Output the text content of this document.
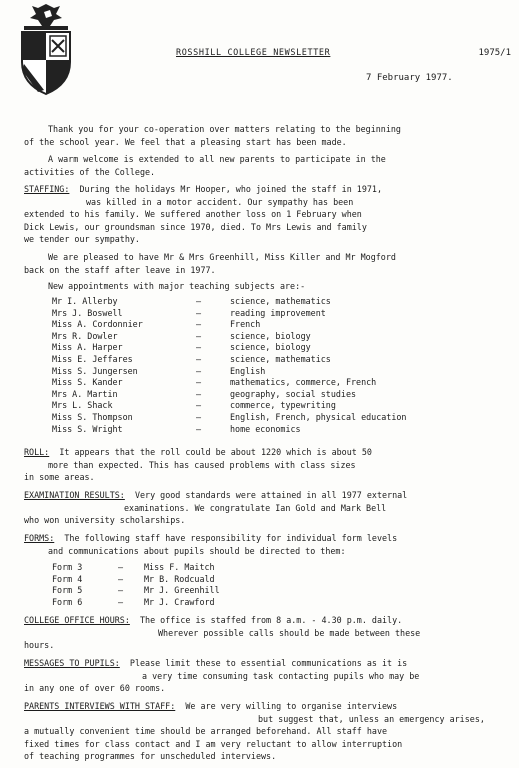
ROSSHILL COLLEGE NEWSLETTER	1975/1
7 February 1977.
Thank you for your co-operation over matters relating to the beginning
of the school year. We feel that a pleasing start has been made.
A warm welcome is extended to all new parents to participate in the
activities of the College.
STAFFING: During the holidays Mr Hooper, who joined the staff in 1971,
was killed in a motor accident. Our sympathy has been
extended to his family. We suffered another loss on 1 February when
Dick Lewis, our groundsman since 1970, died. To Mrs Lewis and family
we tender our sympathy.
We are pleased to have Mr & Mrs Greenhill, Miss Killer and Mr Mogford
back on the staff after leave in 1977.
New appointments with major teaching subjects are:-
Mr I. Allerby	–	science, mathematics
Mrs J. Boswell	–	reading improvement
Miss A. Cordonnier	–	French
Mrs R. Dowler	–	science, biology
Miss A. Harper	–	science, biology
Miss E. Jeffares	–	science, mathematics
Miss S. Jungersen	–	English
Miss S. Kander	–	mathematics, commerce, French
Mrs A. Martin	–	geography, social studies
Mrs L. Shack	–	commerce, typewriting
Miss S. Thompson	–	English, French, physical education
Miss S. Wright	–	home economics
ROLL: It appears that the roll could be about 1220 which is about 50
more than expected. This has caused problems with class sizes
in some areas.
EXAMINATION RESULTS: Very good standards were attained in all 1977 external
examinations. We congratulate Ian Gold and Mark Bell
who won university scholarships.
FORMS: The following staff have responsibility for individual form levels
and communications about pupils should be directed to them:
Form 3	–	Miss F. Maitch
Form 4	–	Mr B. Rodcuald
Form 5	–	Mr J. Greenhill
Form 6	–	Mr J. Crawford
COLLEGE OFFICE HOURS: The office is staffed from 8 a.m. - 4.30 p.m. daily.
Wherever possible calls should be made between these
hours.
MESSAGES TO PUPILS: Please limit these to essential communications as it is
a very time consuming task contacting pupils who may be
in any one of over 60 rooms.
PARENTS INTERVIEWS WITH STAFF: We are very willing to organise interviews
but suggest that, unless an emergency arises,
a mutually convenient time should be arranged beforehand. All staff have
fixed times for class contact and I am very reluctant to allow interruption
of teaching programmes for unscheduled interviews.
